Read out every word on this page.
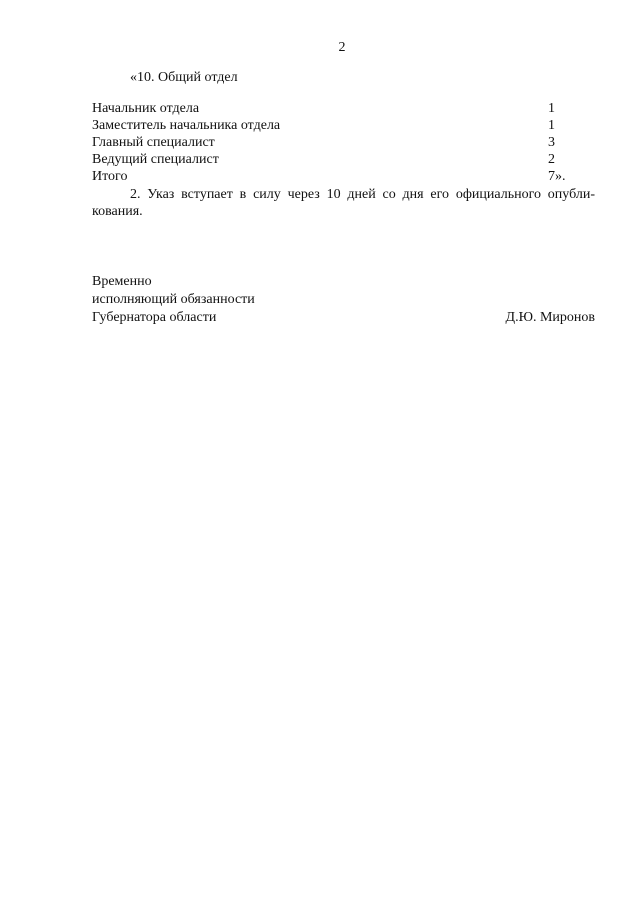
2
«10. Общий отдел
Начальник отдела	1
Заместитель начальника отдела	1
Главный специалист	3
Ведущий специалист	2
Итого	7».
2. Указ вступает в силу через 10 дней со дня его официального опубли-кования.
Временно
исполняющий обязанности
Губернатора области	Д.Ю. Миронов
